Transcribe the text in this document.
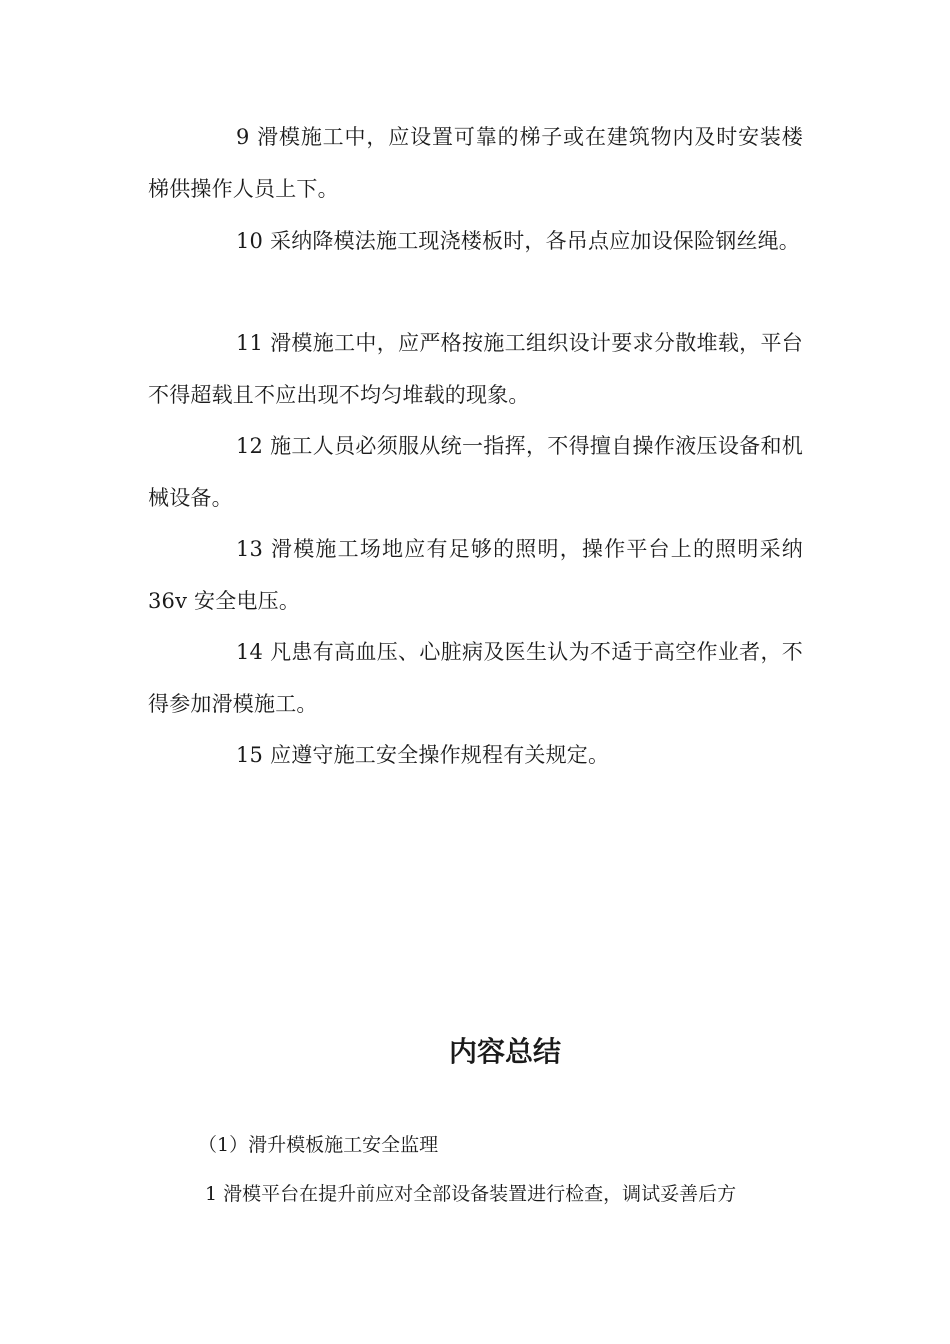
9 滑模施工中，应设置可靠的梯子或在建筑物内及时安装楼梯供操作人员上下。

10 采纳降模法施工现浇楼板时，各吊点应加设保险钢丝绳。

11 滑模施工中，应严格按施工组织设计要求分散堆载，平台不得超载且不应出现不均匀堆载的现象。

12 施工人员必须服从统一指挥，不得擅自操作液压设备和机械设备。

13 滑模施工场地应有足够的照明，操作平台上的照明采纳36v 安全电压。

14 凡患有高血压、心脏病及医生认为不适于高空作业者，不得参加滑模施工。

15 应遵守施工安全操作规程有关规定。

内容总结

（1）滑升模板施工安全监理

1 滑模平台在提升前应对全部设备装置进行检查，调试妥善后方
